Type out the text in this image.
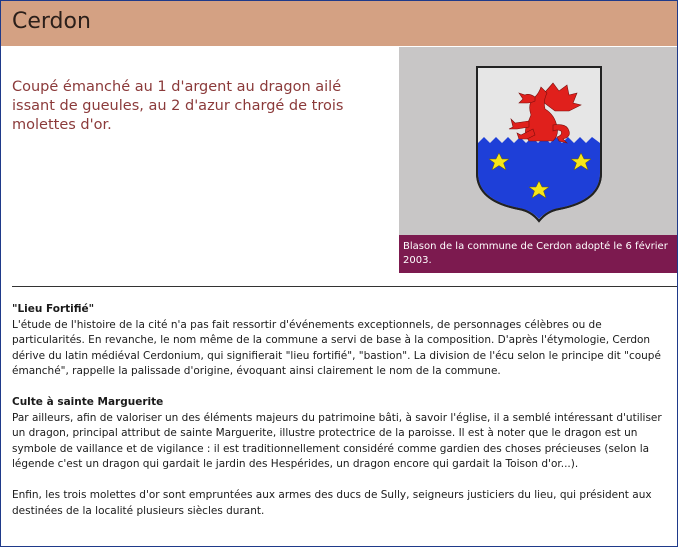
Cerdon
Coupé émanché au 1 d'argent au dragon ailé issant de gueules, au 2 d'azur chargé de trois molettes d'or.
Blason de la commune de Cerdon adopté le 6 février 2003.

"Lieu Fortifié"

L'étude de l'histoire de la cité n'a pas fait ressortir d'événements exceptionnels, de personnages célèbres ou de particularités. En revanche, le nom même de la commune a servi de base à la composition. D'après l'étymologie, Cerdon dérive du latin médiéval Cerdonium, qui signifierait "lieu fortifié", "bastion". La division de l'écu selon le principe dit "coupé émanché", rappelle la palissade d'origine, évoquant ainsi clairement le nom de la commune.

Culte à sainte Marguerite

Par ailleurs, afin de valoriser un des éléments majeurs du patrimoine bâti, à savoir l'église, il a semblé intéressant d'utiliser un dragon, principal attribut de sainte Marguerite, illustre protectrice de la paroisse. Il est à noter que le dragon est un symbole de vaillance et de vigilance : il est traditionnellement considéré comme gardien des choses précieuses (selon la légende c'est un dragon qui gardait le jardin des Hespérides, un dragon encore qui gardait la Toison d'or...).

Enfin, les trois molettes d'or sont empruntées aux armes des ducs de Sully, seigneurs justiciers du lieu, qui président aux destinées de la localité plusieurs siècles durant.
